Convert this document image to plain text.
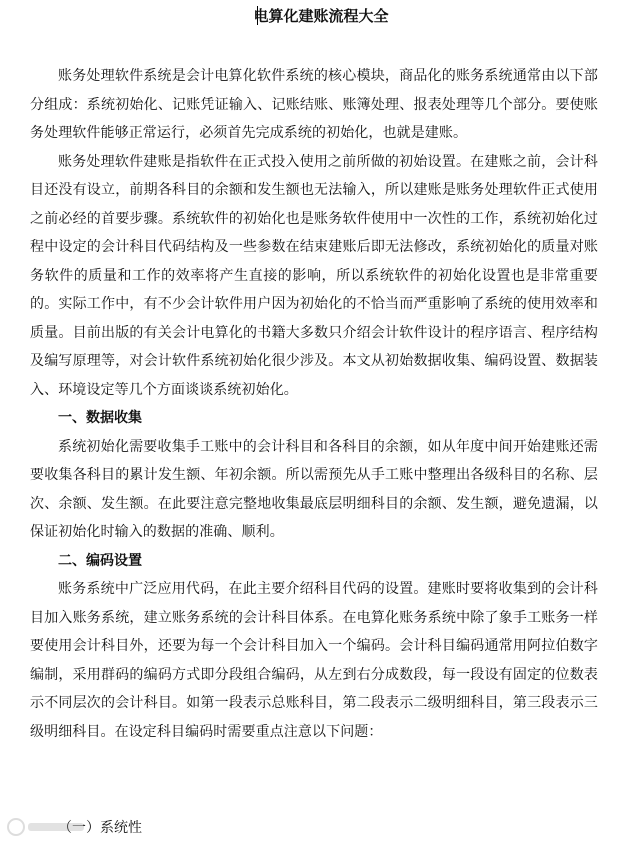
电算化建账流程大全

账务处理软件系统是会计电算化软件系统的核心模块，商品化的账务系统通常由以下部分组成：系统初始化、记账凭证输入、记账结账、账簿处理、报表处理等几个部分。要使账务处理软件能够正常运行，必须首先完成系统的初始化，也就是建账。

账务处理软件建账是指软件在正式投入使用之前所做的初始设置。在建账之前，会计科目还没有设立，前期各科目的余额和发生额也无法输入，所以建账是账务处理软件正式使用之前必经的首要步骤。系统软件的初始化也是账务软件使用中一次性的工作，系统初始化过程中设定的会计科目代码结构及一些参数在结束建账后即无法修改，系统初始化的质量对账务软件的质量和工作的效率将产生直接的影响，所以系统软件的初始化设置也是非常重要的。实际工作中，有不少会计软件用户因为初始化的不恰当而严重影响了系统的使用效率和质量。目前出版的有关会计电算化的书籍大多数只介绍会计软件设计的程序语言、程序结构及编写原理等，对会计软件系统初始化很少涉及。本文从初始数据收集、编码设置、数据装入、环境设定等几个方面谈谈系统初始化。

一、数据收集

系统初始化需要收集手工账中的会计科目和各科目的余额，如从年度中间开始建账还需要收集各科目的累计发生额、年初余额。所以需预先从手工账中整理出各级科目的名称、层次、余额、发生额。在此要注意完整地收集最底层明细科目的余额、发生额，避免遗漏，以保证初始化时输入的数据的准确、顺利。

二、编码设置

账务系统中广泛应用代码，在此主要介绍科目代码的设置。建账时要将收集到的会计科目加入账务系统，建立账务系统的会计科目体系。在电算化账务系统中除了象手工账务一样要使用会计科目外，还要为每一个会计科目加入一个编码。会计科目编码通常用阿拉伯数字编制，采用群码的编码方式即分段组合编码，从左到右分成数段，每一段设有固定的位数表示不同层次的会计科目。如第一段表示总账科目，第二段表示二级明细科目，第三段表示三级明细科目。在设定科目编码时需要重点注意以下问题：

（一）系统性
